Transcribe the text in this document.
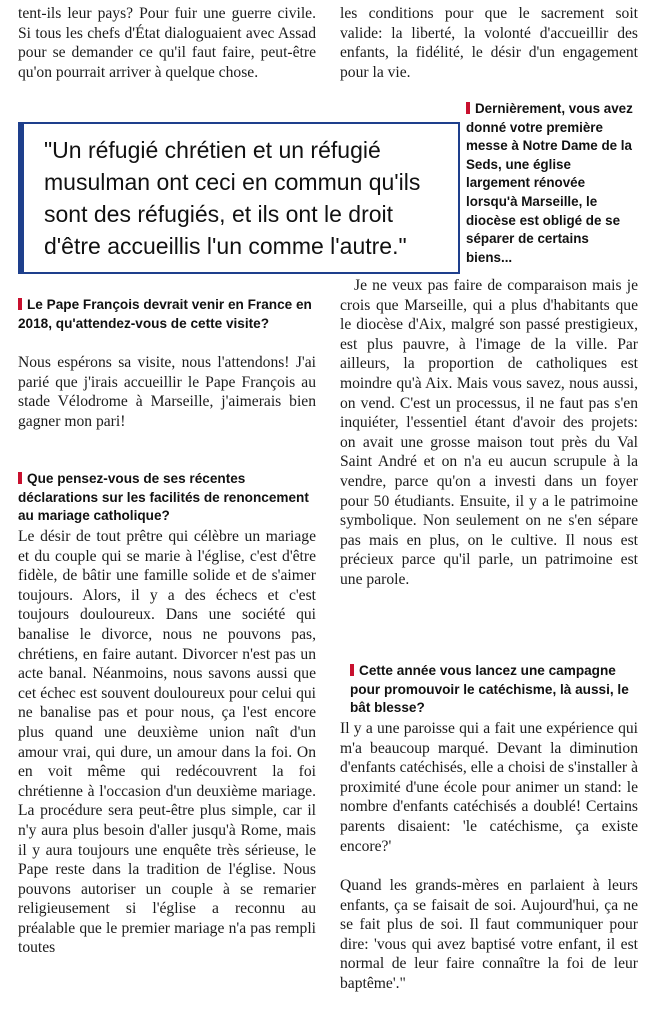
tent-ils leur pays? Pour fuir une guerre civile. Si tous les chefs d'État dialoguaient avec Assad pour se demander ce qu'il faut faire, peut-être qu'on pourrait arriver à quelque chose.

les conditions pour que le sacrement soit valide: la liberté, la volonté d'accueillir des enfants, la fidélité, le désir d'un engagement pour la vie.

"Un réfugié chrétien et un réfugié musulman ont ceci en commun qu'ils sont des réfugiés, et ils ont le droit d'être accueillis l'un comme l'autre."

Dernièrement, vous avez donné votre première messe à Notre Dame de la Seds, une église largement rénovée lorsqu'à Marseille, le diocèse est obligé de se séparer de certains biens...

Je ne veux pas faire de comparaison mais je crois que Marseille, qui a plus d'habitants que le diocèse d'Aix, malgré son passé prestigieux, est plus pauvre, à l'image de la ville. Par ailleurs, la proportion de catholiques est moindre qu'à Aix. Mais vous savez, nous aussi, on vend. C'est un processus, il ne faut pas s'en inquiéter, l'essentiel étant d'avoir des projets: on avait une grosse maison tout près du Val Saint André et on n'a eu aucun scrupule à la vendre, parce qu'on a investi dans un foyer pour 50 étudiants. Ensuite, il y a le patrimoine symbolique. Non seulement on ne s'en sépare pas mais en plus, on le cultive. Il nous est précieux parce qu'il parle, un patrimoine est une parole.

Le Pape François devrait venir en France en 2018, qu'attendez-vous de cette visite?

Nous espérons sa visite, nous l'attendons! J'ai parié que j'irais accueillir le Pape François au stade Vélodrome à Marseille, j'aimerais bien gagner mon pari!

Que pensez-vous de ses récentes déclarations sur les facilités de renoncement au mariage catholique?

Le désir de tout prêtre qui célèbre un mariage et du couple qui se marie à l'église, c'est d'être fidèle, de bâtir une famille solide et de s'aimer toujours. Alors, il y a des échecs et c'est toujours douloureux. Dans une société qui banalise le divorce, nous ne pouvons pas, chrétiens, en faire autant. Divorcer n'est pas un acte banal. Néanmoins, nous savons aussi que cet échec est souvent douloureux pour celui qui ne banalise pas et pour nous, ça l'est encore plus quand une deuxième union naît d'un amour vrai, qui dure, un amour dans la foi. On en voit même qui redécouvrent la foi chrétienne à l'occasion d'un deuxième mariage. La procédure sera peut-être plus simple, car il n'y aura plus besoin d'aller jusqu'à Rome, mais il y aura toujours une enquête très sérieuse, le Pape reste dans la tradition de l'église. Nous pouvons autoriser un couple à se remarier religieusement si l'église a reconnu au préalable que le premier mariage n'a pas rempli toutes

Cette année vous lancez une campagne pour promouvoir le catéchisme, là aussi, le bât blesse?

Il y a une paroisse qui a fait une expérience qui m'a beaucoup marqué. Devant la diminution d'enfants catéchisés, elle a choisi de s'installer à proximité d'une école pour animer un stand: le nombre d'enfants catéchisés a doublé! Certains parents disaient: 'le catéchisme, ça existe encore?'

Quand les grands-mères en parlaient à leurs enfants, ça se faisait de soi. Aujourd'hui, ça ne se fait plus de soi. Il faut communiquer pour dire: 'vous qui avez baptisé votre enfant, il est normal de leur faire connaître la foi de leur baptême'."
